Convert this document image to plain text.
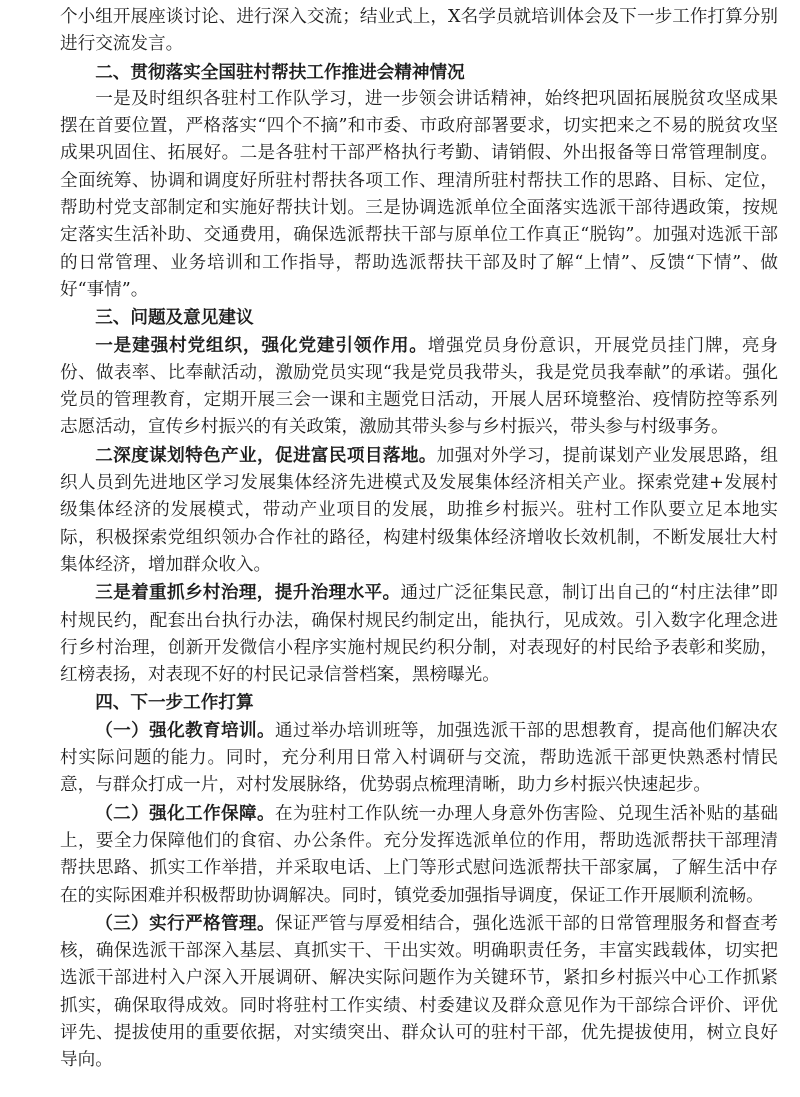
个小组开展座谈讨论、进行深入交流；结业式上，X名学员就培训体会及下一步工作打算分别进行交流发言。

二、贯彻落实全国驻村帮扶工作推进会精神情况

一是及时组织各驻村工作队学习，进一步领会讲话精神，始终把巩固拓展脱贫攻坚成果摆在首要位置，严格落实“四个不摘”和市委、市政府部署要求，切实把来之不易的脱贫攻坚成果巩固住、拓展好。二是各驻村干部严格执行考勤、请销假、外出报备等日常管理制度。全面统筹、协调和调度好所驻村帮扶各项工作、理清所驻村帮扶工作的思路、目标、定位，帮助村党支部制定和实施好帮扶计划。三是协调选派单位全面落实选派干部待遇政策，按规定落实生活补助、交通费用，确保选派帮扶干部与原单位工作真正“脱钩”。加强对选派干部的日常管理、业务培训和工作指导，帮助选派帮扶干部及时了解“上情”、反馈“下情”、做好“事情”。

三、问题及意见建议

一是建强村党组织，强化党建引领作用。增强党员身份意识，开展党员挂门牌，亮身份、做表率、比奉献活动，激励党员实现“我是党员我带头，我是党员我奉献”的承诺。强化党员的管理教育，定期开展三会一课和主题党日活动，开展人居环境整治、疫情防控等系列志愿活动，宣传乡村振兴的有关政策，激励其带头参与乡村振兴，带头参与村级事务。

二深度谋划特色产业，促进富民项目落地。加强对外学习，提前谋划产业发展思路，组织人员到先进地区学习发展集体经济先进模式及发展集体经济相关产业。探索党建+发展村级集体经济的发展模式，带动产业项目的发展，助推乡村振兴。驻村工作队要立足本地实际，积极探索党组织领办合作社的路径，构建村级集体经济增收长效机制，不断发展壮大村集体经济，增加群众收入。

三是着重抓乡村治理，提升治理水平。通过广泛征集民意，制订出自己的“村庄法律”即村规民约，配套出台执行办法，确保村规民约制定出，能执行，见成效。引入数字化理念进行乡村治理，创新开发微信小程序实施村规民约积分制，对表现好的村民给予表彰和奖励，红榜表扬，对表现不好的村民记录信誉档案，黑榜曝光。

四、下一步工作打算

（一）强化教育培训。通过举办培训班等，加强选派干部的思想教育，提高他们解决农村实际问题的能力。同时，充分利用日常入村调研与交流，帮助选派干部更快熟悉村情民意，与群众打成一片，对村发展脉络，优势弱点梳理清晰，助力乡村振兴快速起步。

（二）强化工作保障。在为驻村工作队统一办理人身意外伤害险、兑现生活补贴的基础上，要全力保障他们的食宿、办公条件。充分发挥选派单位的作用，帮助选派帮扶干部理清帮扶思路、抓实工作举措，并采取电话、上门等形式慰问选派帮扶干部家属，了解生活中存在的实际困难并积极帮助协调解决。同时，镇党委加强指导调度，保证工作开展顺利流畅。

（三）实行严格管理。保证严管与厚爱相结合，强化选派干部的日常管理服务和督查考核，确保选派干部深入基层、真抓实干、干出实效。明确职责任务，丰富实践载体，切实把选派干部进村入户深入开展调研、解决实际问题作为关键环节，紧扣乡村振兴中心工作抓紧抓实，确保取得成效。同时将驻村工作实绩、村委建议及群众意见作为干部综合评价、评优评先、提拔使用的重要依据，对实绩突出、群众认可的驻村干部，优先提拔使用，树立良好导向。
